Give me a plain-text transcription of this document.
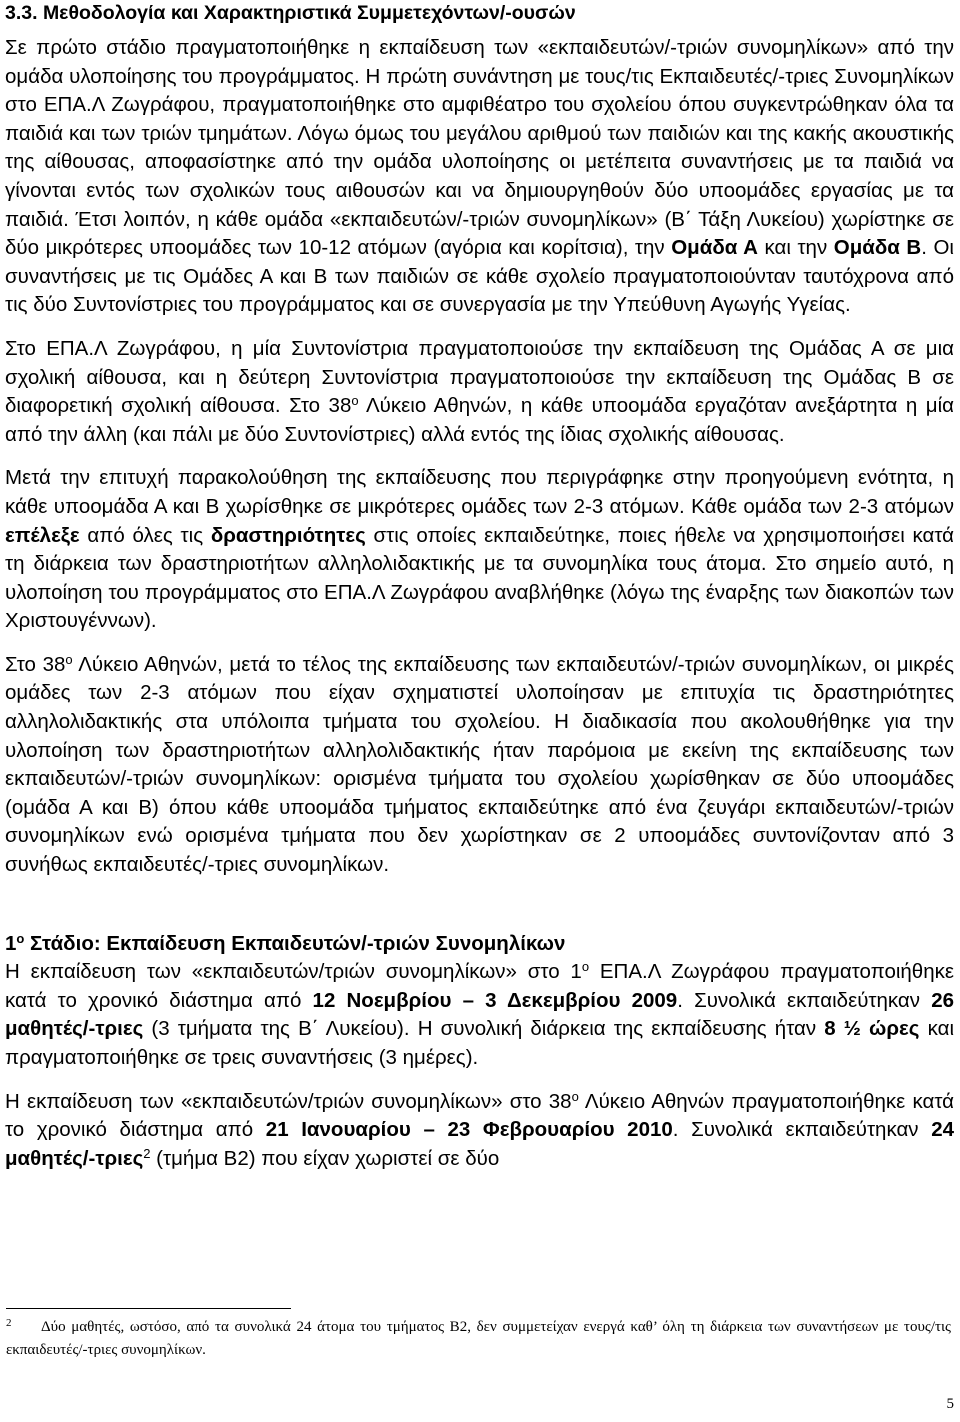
3.3. Μεθοδολογία και Χαρακτηριστικά Συμμετεχόντων/-ουσών

Σε πρώτο στάδιο πραγματοποιήθηκε η εκπαίδευση των «εκπαιδευτών/-τριών συνομηλίκων» από την ομάδα υλοποίησης του προγράμματος. Η πρώτη συνάντηση με τους/τις Εκπαιδευτές/-τριες Συνομηλίκων στο ΕΠΑ.Λ Ζωγράφου, πραγματοποιήθηκε στο αμφιθέατρο του σχολείου όπου συγκεντρώθηκαν όλα τα παιδιά και των τριών τμημάτων. Λόγω όμως του μεγάλου αριθμού των παιδιών και της κακής ακουστικής της αίθουσας, αποφασίστηκε από την ομάδα υλοποίησης οι μετέπειτα συναντήσεις με τα παιδιά να γίνονται εντός των σχολικών τους αιθουσών και να δημιουργηθούν δύο υποομάδες εργασίας με τα παιδιά. Έτσι λοιπόν, η κάθε ομάδα «εκπαιδευτών/-τριών συνομηλίκων» (Β΄ Τάξη Λυκείου) χωρίστηκε σε δύο μικρότερες υποομάδες των 10-12 ατόμων (αγόρια και κορίτσια), την Ομάδα Α και την Ομάδα Β. Οι συναντήσεις με τις Ομάδες Α και Β των παιδιών σε κάθε σχολείο πραγματοποιούνταν ταυτόχρονα από τις δύο Συντονίστριες του προγράμματος και σε συνεργασία με την Υπεύθυνη Αγωγής Υγείας.

Στο ΕΠΑ.Λ Ζωγράφου, η μία Συντονίστρια πραγματοποιούσε την εκπαίδευση της Ομάδας Α σε μια σχολική αίθουσα, και η δεύτερη Συντονίστρια πραγματοποιούσε την εκπαίδευση της Ομάδας Β σε διαφορετική σχολική αίθουσα. Στο $38^o$ Λύκειο Αθηνών, η κάθε υποομάδα εργαζόταν ανεξάρτητα η μία από την άλλη (και πάλι με δύο Συντονίστριες) αλλά εντός της ίδιας σχολικής αίθουσας.

Μετά την επιτυχή παρακολούθηση της εκπαίδευσης που περιγράφηκε στην προηγούμενη ενότητα, η κάθε υποομάδα Α και Β χωρίσθηκε σε μικρότερες ομάδες των 2-3 ατόμων. Κάθε ομάδα των 2-3 ατόμων επέλεξε από όλες τις δραστηριότητες στις οποίες εκπαιδεύτηκε, ποιες ήθελε να χρησιμοποιήσει κατά τη διάρκεια των δραστηριοτήτων αλληλολιδακτικής με τα συνομηλίκα τους άτομα. Στο σημείο αυτό, η υλοποίηση του προγράμματος στο ΕΠΑ.Λ Ζωγράφου αναβλήθηκε (λόγω της έναρξης των διακοπών των Χριστουγέννων).

Στο $38^o$ Λύκειο Αθηνών, μετά το τέλος της εκπαίδευσης των εκπαιδευτών/-τριών συνομηλίκων, οι μικρές ομάδες των 2-3 ατόμων που είχαν σχηματιστεί υλοποίησαν με επιτυχία τις δραστηριότητες αλληλολιδακτικής στα υπόλοιπα τμήματα του σχολείου. Η διαδικασία που ακολουθήθηκε για την υλοποίηση των δραστηριοτήτων αλληλολιδακτικής ήταν παρόμοια με εκείνη της εκπαίδευσης των εκπαιδευτών/-τριών συνομηλίκων: ορισμένα τμήματα του σχολείου χωρίσθηκαν σε δύο υποομάδες (ομάδα Α και Β) όπου κάθε υποομάδα τμήματος εκπαιδεύτηκε από ένα ζευγάρι εκπαιδευτών/-τριών συνομηλίκων ενώ ορισμένα τμήματα που δεν χωρίστηκαν σε 2 υποομάδες συντονίζονταν από 3 συνήθως εκπαιδευτές/-τριες συνομηλίκων.

$1^o$ Στάδιο: Εκπαίδευση Εκπαιδευτών/-τριών Συνομηλίκων

Η εκπαίδευση των «εκπαιδευτών/τριών συνομηλίκων» στο $1^o$ ΕΠΑ.Λ Ζωγράφου πραγματοποιήθηκε κατά το χρονικό διάστημα από 12 Νοεμβρίου – 3 Δεκεμβρίου 2009. Συνολικά εκπαιδεύτηκαν 26 μαθητές/-τριες (3 τμήματα της Β΄ Λυκείου). Η συνολική διάρκεια της εκπαίδευσης ήταν 8 ½ ώρες και πραγματοποιήθηκε σε τρεις συναντήσεις (3 ημέρες).

Η εκπαίδευση των «εκπαιδευτών/τριών συνομηλίκων» στο $38^o$ Λύκειο Αθηνών πραγματοποιήθηκε κατά το χρονικό διάστημα από 21 Ιανουαρίου – 23 Φεβρουαρίου 2010. Συνολικά εκπαιδεύτηκαν 24 μαθητές/-τριες$^2$ (τμήμα Β2) που είχαν χωριστεί σε δύο

2 Δύο μαθητές, ωστόσο, από τα συνολικά 24 άτομα του τμήματος Β2, δεν συμμετείχαν ενεργά καθ’ όλη τη διάρκεια των συναντήσεων με τους/τις εκπαιδευτές/-τριες συνομηλίκων.
5
